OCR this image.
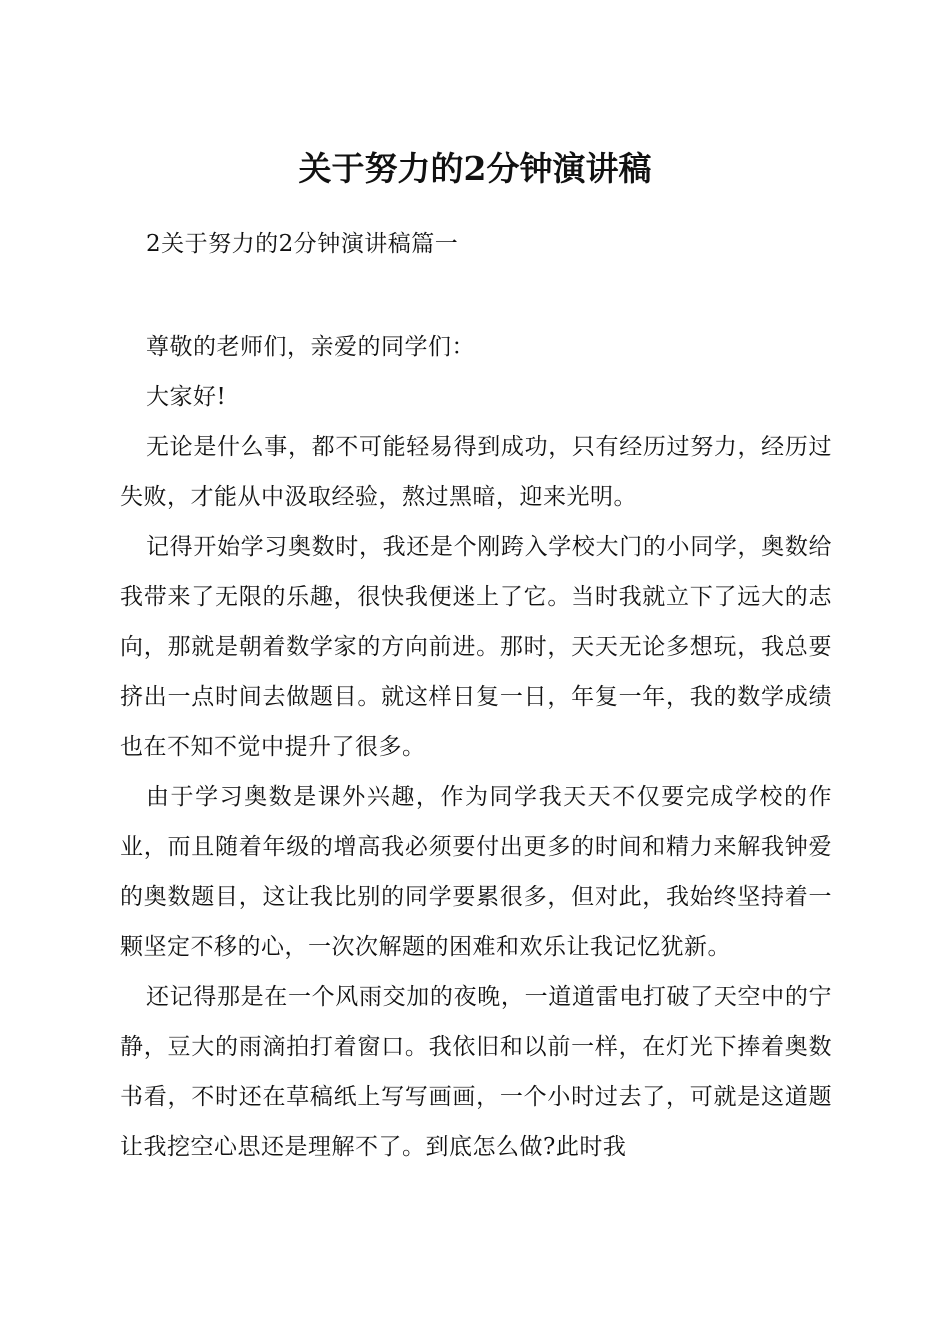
关于努力的2分钟演讲稿

2关于努力的2分钟演讲稿篇一

尊敬的老师们，亲爱的同学们：

大家好!

无论是什么事，都不可能轻易得到成功，只有经历过努力，经历过失败，才能从中汲取经验，熬过黑暗，迎来光明。

记得开始学习奥数时，我还是个刚跨入学校大门的小同学，奥数给我带来了无限的乐趣，很快我便迷上了它。当时我就立下了远大的志向，那就是朝着数学家的方向前进。那时，天天无论多想玩，我总要挤出一点时间去做题目。就这样日复一日，年复一年，我的数学成绩也在不知不觉中提升了很多。

由于学习奥数是课外兴趣，作为同学我天天不仅要完成学校的作业，而且随着年级的增高我必须要付出更多的时间和精力来解我钟爱的奥数题目，这让我比别的同学要累很多，但对此，我始终坚持着一颗坚定不移的心，一次次解题的困难和欢乐让我记忆犹新。

还记得那是在一个风雨交加的夜晚，一道道雷电打破了天空中的宁静，豆大的雨滴拍打着窗口。我依旧和以前一样，在灯光下捧着奥数书看，不时还在草稿纸上写写画画，一个小时过去了，可就是这道题让我挖空心思还是理解不了。到底怎么做?此时我
